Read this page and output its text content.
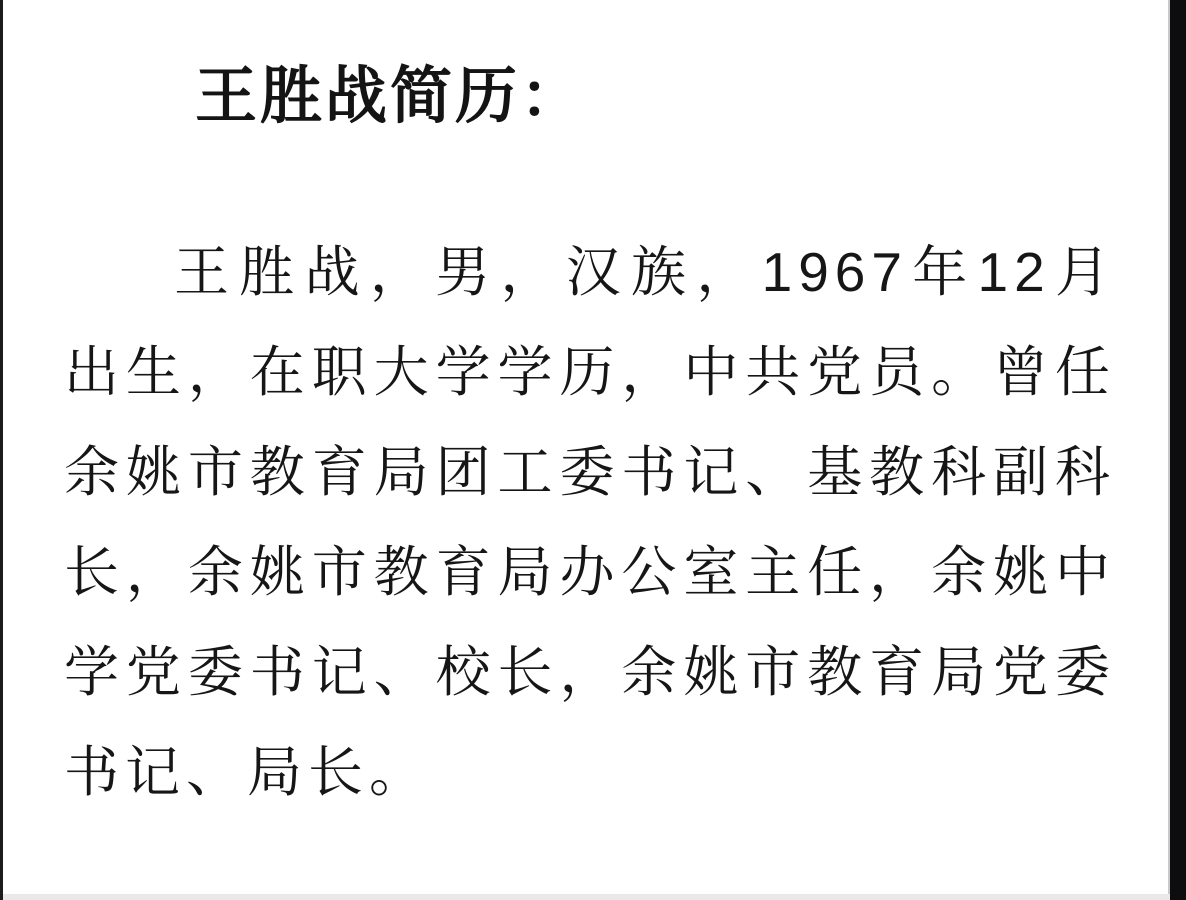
王胜战简历：

王胜战，男，汉族，1967年12月出生，在职大学学历，中共党员。曾任余姚市教育局团工委书记、基教科副科长，余姚市教育局办公室主任，余姚中学党委书记、校长，余姚市教育局党委书记、局长。
